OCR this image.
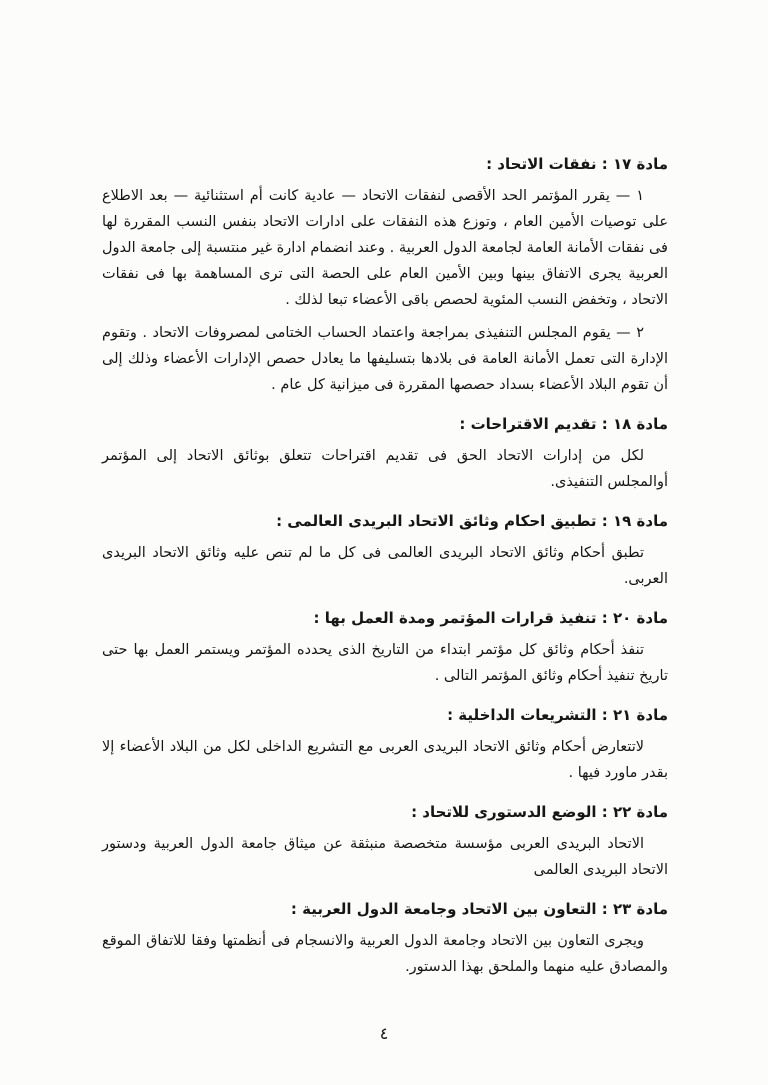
مادة ١٧ : نفقات الاتحاد :

١ — يقرر المؤتمر الحد الأقصى لنفقات الاتحاد — عادية كانت أم استثنائية — بعد الاطلاع على توصيات الأمين العام ، وتوزع هذه النفقات على ادارات الاتحاد بنفس النسب المقررة لها فى نفقات الأمانة العامة لجامعة الدول العربية . وعند انضمام ادارة غير منتسبة إلى جامعة الدول العربية يجرى الاتفاق بينها وبين الأمين العام على الحصة التى ترى المساهمة بها فى نفقات الاتحاد ، وتخفض النسب المئوية لحصص باقى الأعضاء تبعا لذلك .

٢ — يقوم المجلس التنفيذى بمراجعة واعتماد الحساب الختامى لمصروفات الاتحاد . وتقوم الإدارة التى تعمل الأمانة العامة فى بلادها بتسليفها ما يعادل حصص الإدارات الأعضاء وذلك إلى أن تقوم البلاد الأعضاء بسداد حصصها المقررة فى ميزانية كل عام .

مادة ١٨ : تقديم الاقتراحات :

لكل من إدارات الاتحاد الحق فى تقديم اقتراحات تتعلق بوثائق الاتحاد إلى المؤتمر أوالمجلس التنفيذى.

مادة ١٩ : تطبيق احكام وثائق الاتحاد البريدى العالمى :

تطبق أحكام وثائق الاتحاد البريدى العالمى فى كل ما لم تنص عليه وثائق الاتحاد البريدى العربى.

مادة ٢٠ : تنفيذ قرارات المؤتمر ومدة العمل بها :

تنفذ أحكام وثائق كل مؤتمر ابتداء من التاريخ الذى يحدده المؤتمر ويستمر العمل بها حتى تاريخ تنفيذ أحكام وثائق المؤتمر التالى .

مادة ٢١ : التشريعات الداخلية :

لاتتعارض أحكام وثائق الاتحاد البريدى العربى مع التشريع الداخلى لكل من البلاد الأعضاء إلا بقدر ماورد فيها .

مادة ٢٢ : الوضع الدستورى للاتحاد :

الاتحاد البريدى العربى مؤسسة متخصصة منبثقة عن ميثاق جامعة الدول العربية ودستور الاتحاد البريدى العالمى

مادة ٢٣ : التعاون بين الاتحاد وجامعة الدول العربية :

ويجرى التعاون بين الاتحاد وجامعة الدول العربية والانسجام فى أنظمتها وفقا للاتفاق الموقع والمصادق عليه منهما والملحق بهذا الدستور.

٤
